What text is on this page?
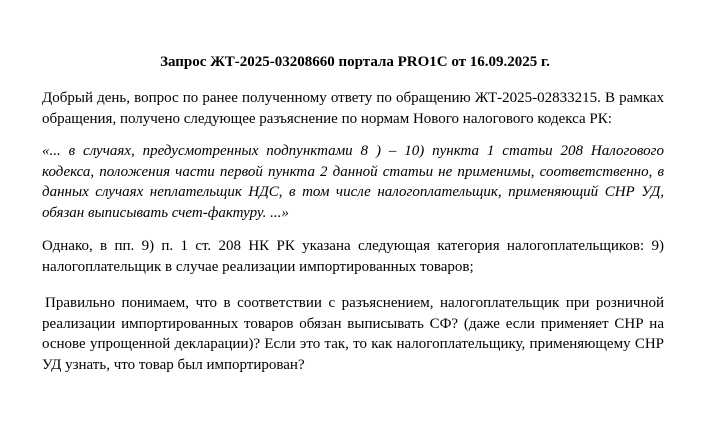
Запрос ЖТ-2025-03208660 портала PRO1C от 16.09.2025 г.

Добрый день, вопрос по ранее полученному ответу по обращению ЖТ-2025-02833215. В рамках обращения, получено следующее разъяснение по нормам Нового налогового кодекса РК:

«... в случаях, предусмотренных подпунктами 8 ) – 10) пункта 1 статьи 208 Налогового кодекса, положения части первой пункта 2 данной статьи не применимы, соответственно, в данных случаях неплательщик НДС, в том числе налогоплательщик, применяющий СНР УД, обязан выписывать счет-фактуру. ...»

Однако, в пп. 9) п. 1 ст. 208 НК РК указана следующая категория налогоплательщиков: 9) налогоплательщик в случае реализации импортированных товаров;

Правильно понимаем, что в соответствии с разъяснением, налогоплательщик при розничной реализации импортированных товаров обязан выписывать СФ? (даже если применяет СНР на основе упрощенной декларации)? Если это так, то как налогоплательщику, применяющему СНР УД узнать, что товар был импортирован?
